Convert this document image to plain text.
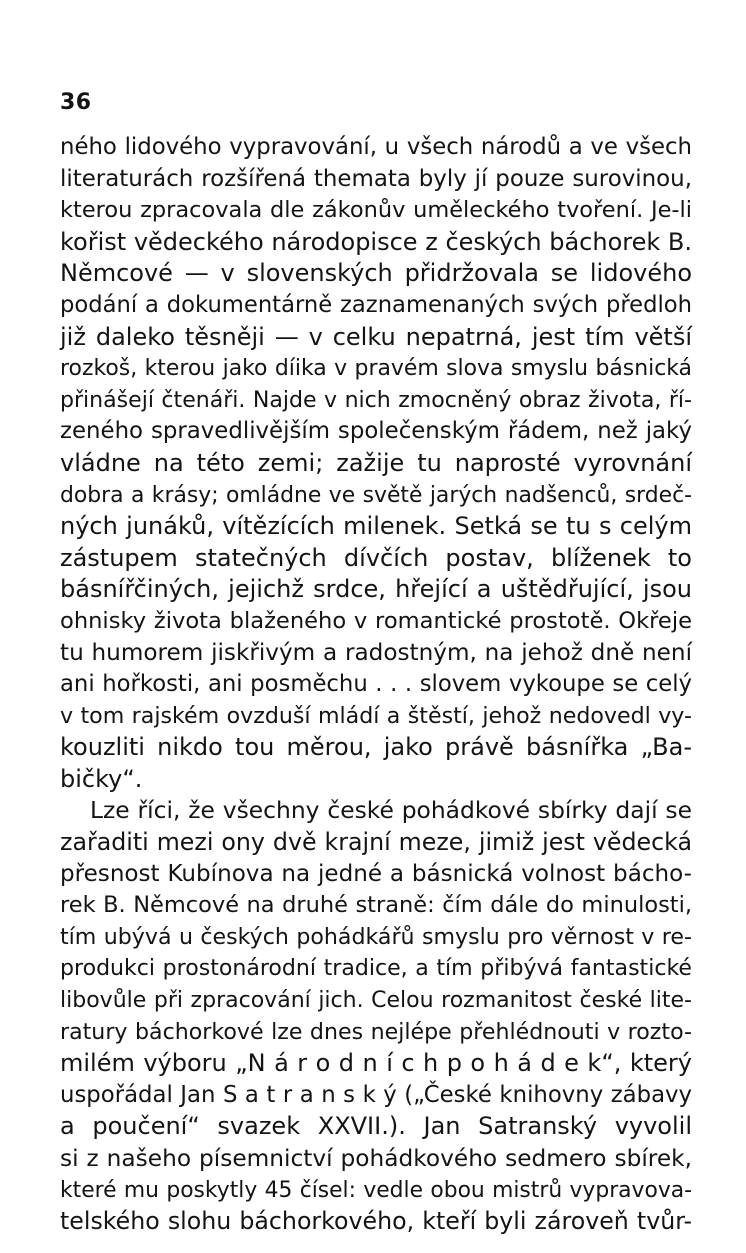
36
ného lidového vypravování, u všech národů a ve všech
literaturách rozšířená themata byly jí pouze surovinou,
kterou zpracovala dle zákonův uměleckého tvoření. Je-li
kořist vědeckého národopisce z českých báchorek B.
Němcové — v slovenských přidržovala se lidového
podání a dokumentárně zaznamenaných svých předloh
již daleko těsněji — v celku nepatrná, jest tím větší
rozkoš, kterou jako díika v pravém slova smyslu básnická
přinášejí čtenáři. Najde v nich zmocněný obraz života, ří-
zeného spravedlivějším společenským řádem, než jaký
vládne na této zemi; zažije tu naprosté vyrovnání
dobra a krásy; omládne ve světě jarých nadšenců, srdeč-
ných junáků, vítězících milenek. Setká se tu s celým
zástupem statečných dívčích postav, blíženek to
básnířčiných, jejichž srdce, hřející a uštědřující, jsou
ohnisky života blaženého v romantické prostotě. Okřeje
tu humorem jiskřivým a radostným, na jehož dně není
ani hořkosti, ani posměchu . . . slovem vykoupe se celý
v tom rajském ovzduší mládí a štěstí, jehož nedovedl vy-
kouzliti nikdo tou měrou, jako právě básnířka „Ba-
bičky“.
Lze říci, že všechny české pohádkové sbírky dají se
zařaditi mezi ony dvě krajní meze, jimiž jest vědecká
přesnost Kubínova na jedné a básnická volnost bácho-
rek B. Němcové na druhé straně: čím dále do minulosti,
tím ubývá u českých pohádkářů smyslu pro věrnost v re-
produkci prostonárodní tradice, a tím přibývá fantastické
libovůle při zpracování jich. Celou rozmanitost české lite-
ratury báchorkové lze dnes nejlépe přehlédnouti v rozto-
milém výboru „N á r o d n í c h p o h á d e k“, který
uspořádal Jan S a t r a n s k ý („České knihovny zábavy
a poučení“ svazek XXVII.). Jan Satranský vyvolil
si z našeho písemnictví pohádkového sedmero sbírek,
které mu poskytly 45 čísel: vedle obou mistrů vypravova-
telského slohu báchorkového, kteří byli zároveň tvůr-
